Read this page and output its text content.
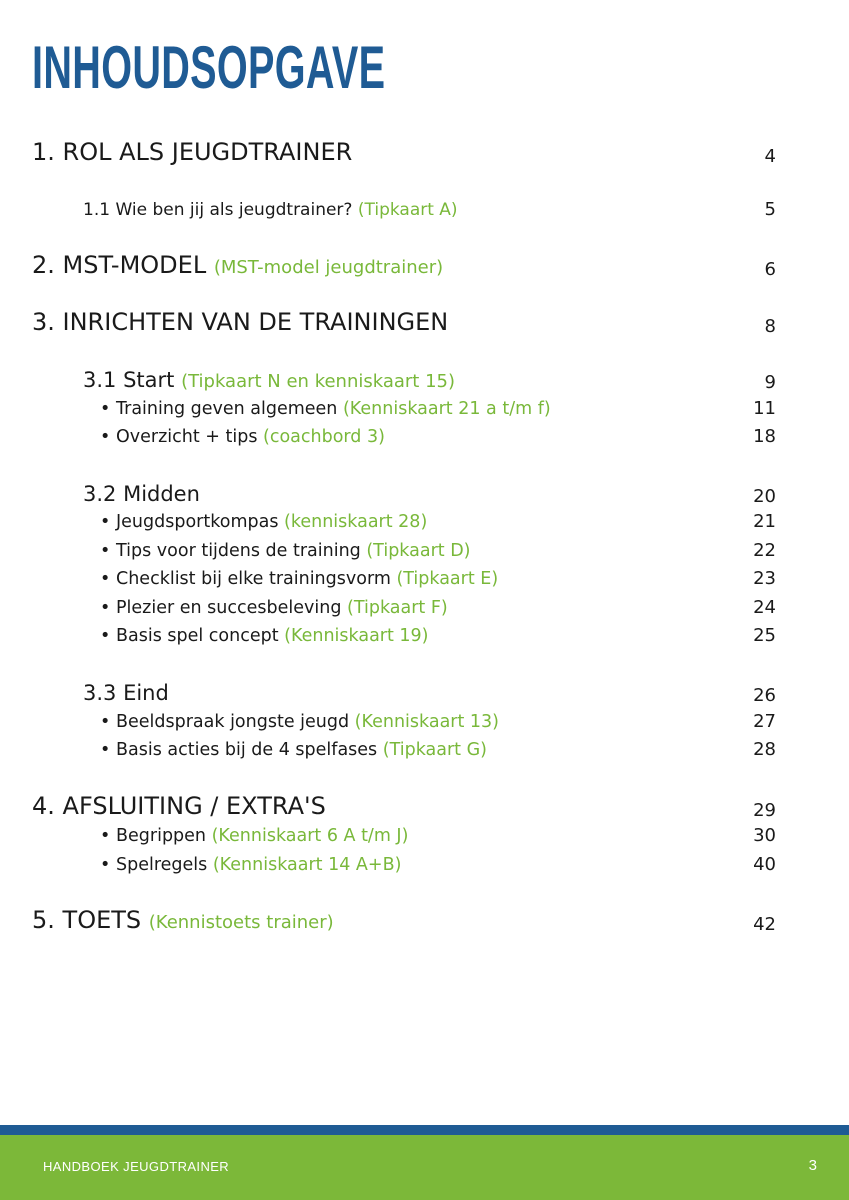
INHOUDSOPGAVE
1. ROL ALS JEUGDTRAINER	4
1.1 Wie ben jij als jeugdtrainer? (Tipkaart A)	5
2. MST-MODEL (MST-model jeugdtrainer)	6
3. INRICHTEN VAN DE TRAININGEN	8
3.1 Start (Tipkaart N en kenniskaart 15)	9
• Training geven algemeen (Kenniskaart 21 a t/m f)	11
• Overzicht + tips (coachbord 3)	18
3.2 Midden	20
• Jeugdsportkompas (kenniskaart 28)	21
• Tips voor tijdens de training (Tipkaart D)	22
• Checklist bij elke trainingsvorm (Tipkaart E)	23
• Plezier en succesbeleving (Tipkaart F)	24
• Basis spel concept (Kenniskaart 19)	25
3.3 Eind	26
• Beeldspraak jongste jeugd (Kenniskaart 13)	27
• Basis acties bij de 4 spelfases (Tipkaart G)	28
4. AFSLUITING / EXTRA'S	29
• Begrippen (Kenniskaart 6 A t/m J)	30
• Spelregels (Kenniskaart 14 A+B)	40
5. TOETS (Kennistoets trainer)	42
HANDBOEK JEUGDTRAINER	3
